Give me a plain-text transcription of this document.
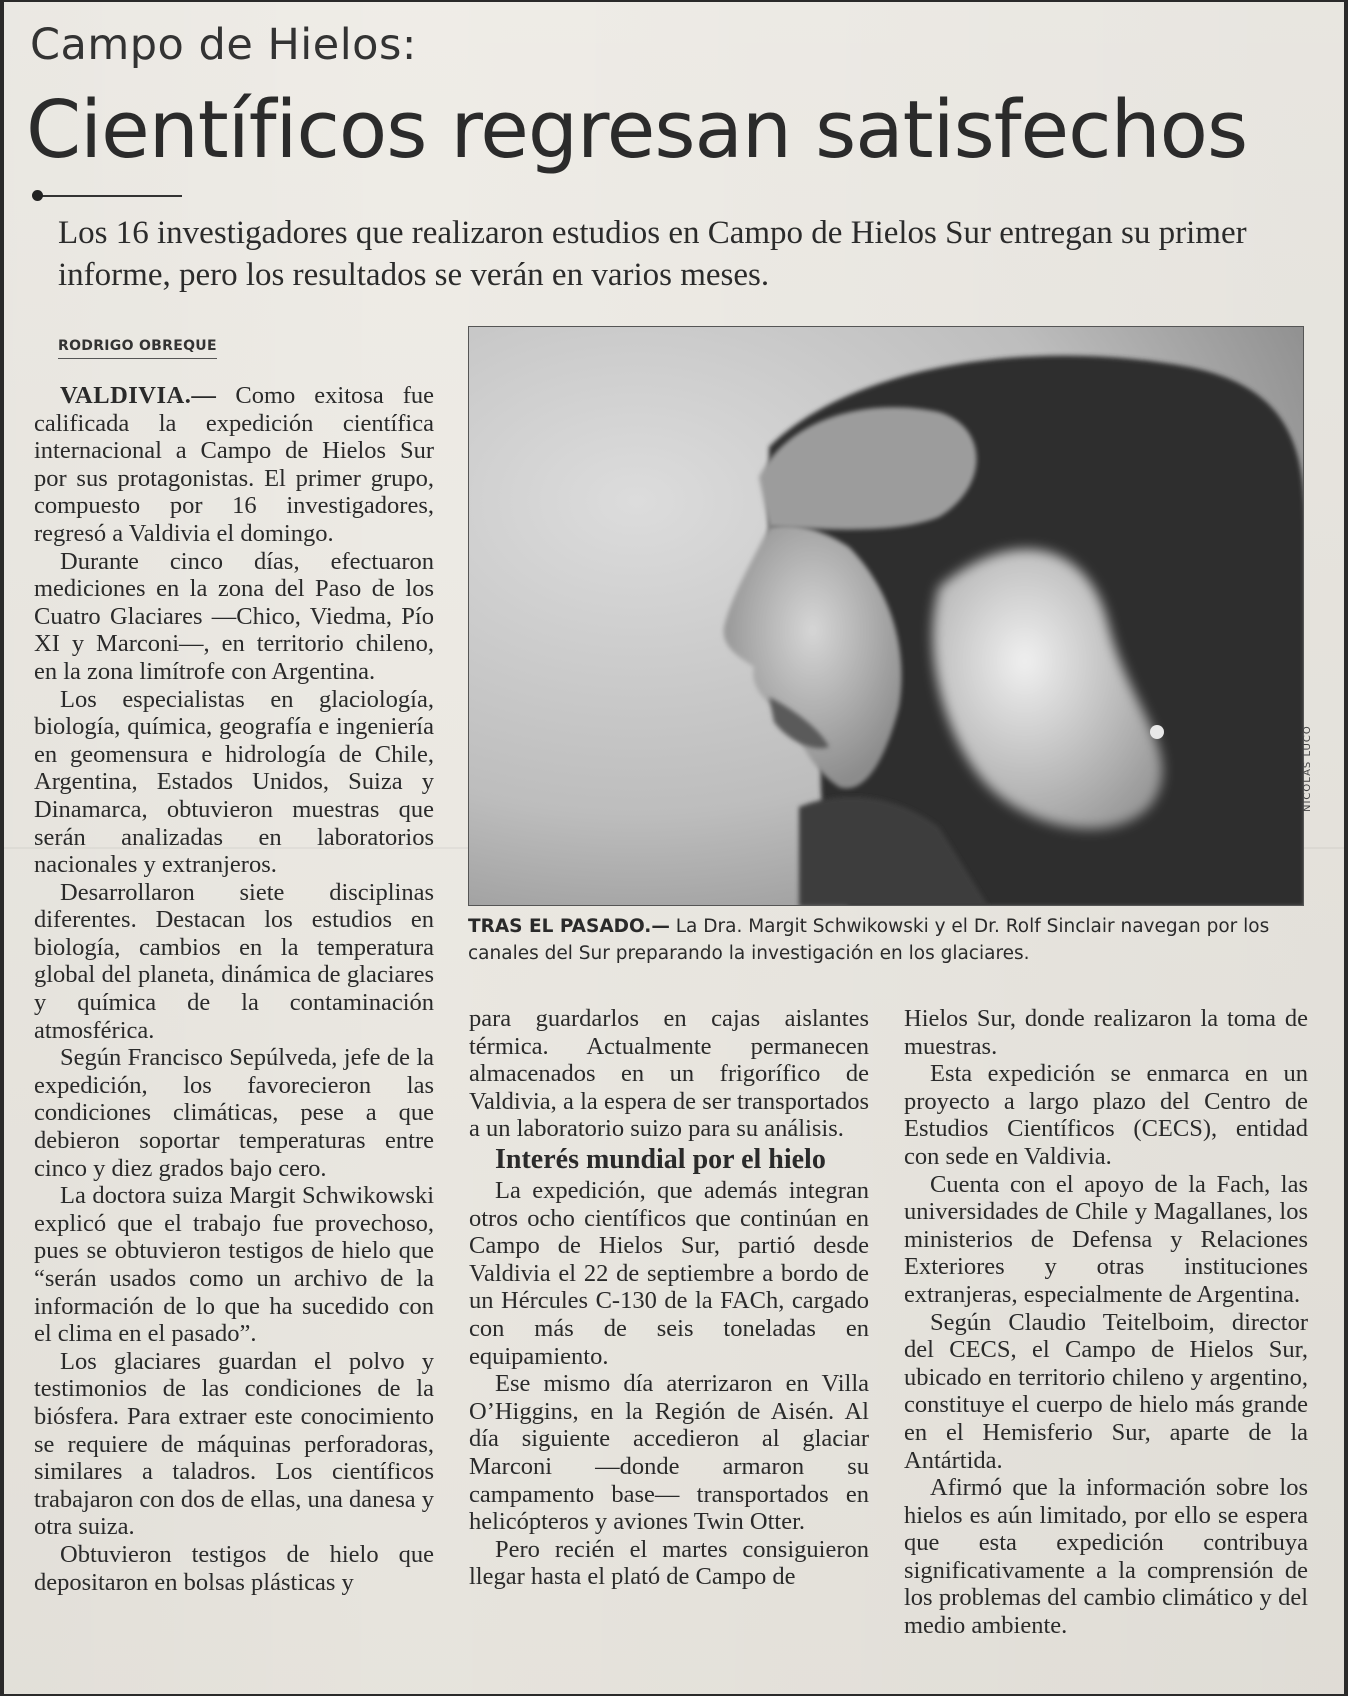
Campo de Hielos:
Científicos regresan satisfechos

Los 16 investigadores que realizaron estudios en Campo de Hielos Sur entregan su primer informe, pero los resultados se verán en varios meses.

RODRIGO OBREQUE

VALDIVIA.— Como exitosa fue calificada la expedición científica internacional a Campo de Hielos Sur por sus protagonistas. El primer grupo, compuesto por 16 investigadores, regresó a Valdivia el domingo.

Durante cinco días, efectuaron mediciones en la zona del Paso de los Cuatro Glaciares —Chico, Viedma, Pío XI y Marconi—, en territorio chileno, en la zona limítrofe con Argentina.

Los especialistas en glaciología, biología, química, geografía e ingeniería en geomensura e hidrología de Chile, Argentina, Estados Unidos, Suiza y Dinamarca, obtuvieron muestras que serán analizadas en laboratorios nacionales y extranjeros.

Desarrollaron siete disciplinas diferentes. Destacan los estudios en biología, cambios en la temperatura global del planeta, dinámica de glaciares y química de la contaminación atmosférica.

Según Francisco Sepúlveda, jefe de la expedición, los favorecieron las condiciones climáticas, pese a que debieron soportar temperaturas entre cinco y diez grados bajo cero.

La doctora suiza Margit Schwikowski explicó que el trabajo fue provechoso, pues se obtuvieron testigos de hielo que “serán usados como un archivo de la información de lo que ha sucedido con el clima en el pasado”.

Los glaciares guardan el polvo y testimonios de las condiciones de la biósfera. Para extraer este conocimiento se requiere de máquinas perforadoras, similares a taladros. Los científicos trabajaron con dos de ellas, una danesa y otra suiza.

Obtuvieron testigos de hielo que depositaron en bolsas plásticas y

NICOLAS LUCO

TRAS EL PASADO.— La Dra. Margit Schwikowski y el Dr. Rolf Sinclair navegan por los canales del Sur preparando la investigación en los glaciares.

para guardarlos en cajas aislantes térmica. Actualmente permanecen almacenados en un frigorífico de Valdivia, a la espera de ser transportados a un laboratorio suizo para su análisis.

Interés mundial por el hielo

La expedición, que además integran otros ocho científicos que continúan en Campo de Hielos Sur, partió desde Valdivia el 22 de septiembre a bordo de un Hércules C-130 de la FACh, cargado con más de seis toneladas en equipamiento.

Ese mismo día aterrizaron en Villa O’Higgins, en la Región de Aisén. Al día siguiente accedieron al glaciar Marconi —donde armaron su campamento base— transportados en helicópteros y aviones Twin Otter.

Pero recién el martes consiguieron llegar hasta el plató de Campo de

Hielos Sur, donde realizaron la toma de muestras.

Esta expedición se enmarca en un proyecto a largo plazo del Centro de Estudios Científicos (CECS), entidad con sede en Valdivia.

Cuenta con el apoyo de la Fach, las universidades de Chile y Magallanes, los ministerios de Defensa y Relaciones Exteriores y otras instituciones extranjeras, especialmente de Argentina.

Según Claudio Teitelboim, director del CECS, el Campo de Hielos Sur, ubicado en territorio chileno y argentino, constituye el cuerpo de hielo más grande en el Hemisferio Sur, aparte de la Antártida.

Afirmó que la información sobre los hielos es aún limitado, por ello se espera que esta expedición contribuya significativamente a la comprensión de los problemas del cambio climático y del medio ambiente.
